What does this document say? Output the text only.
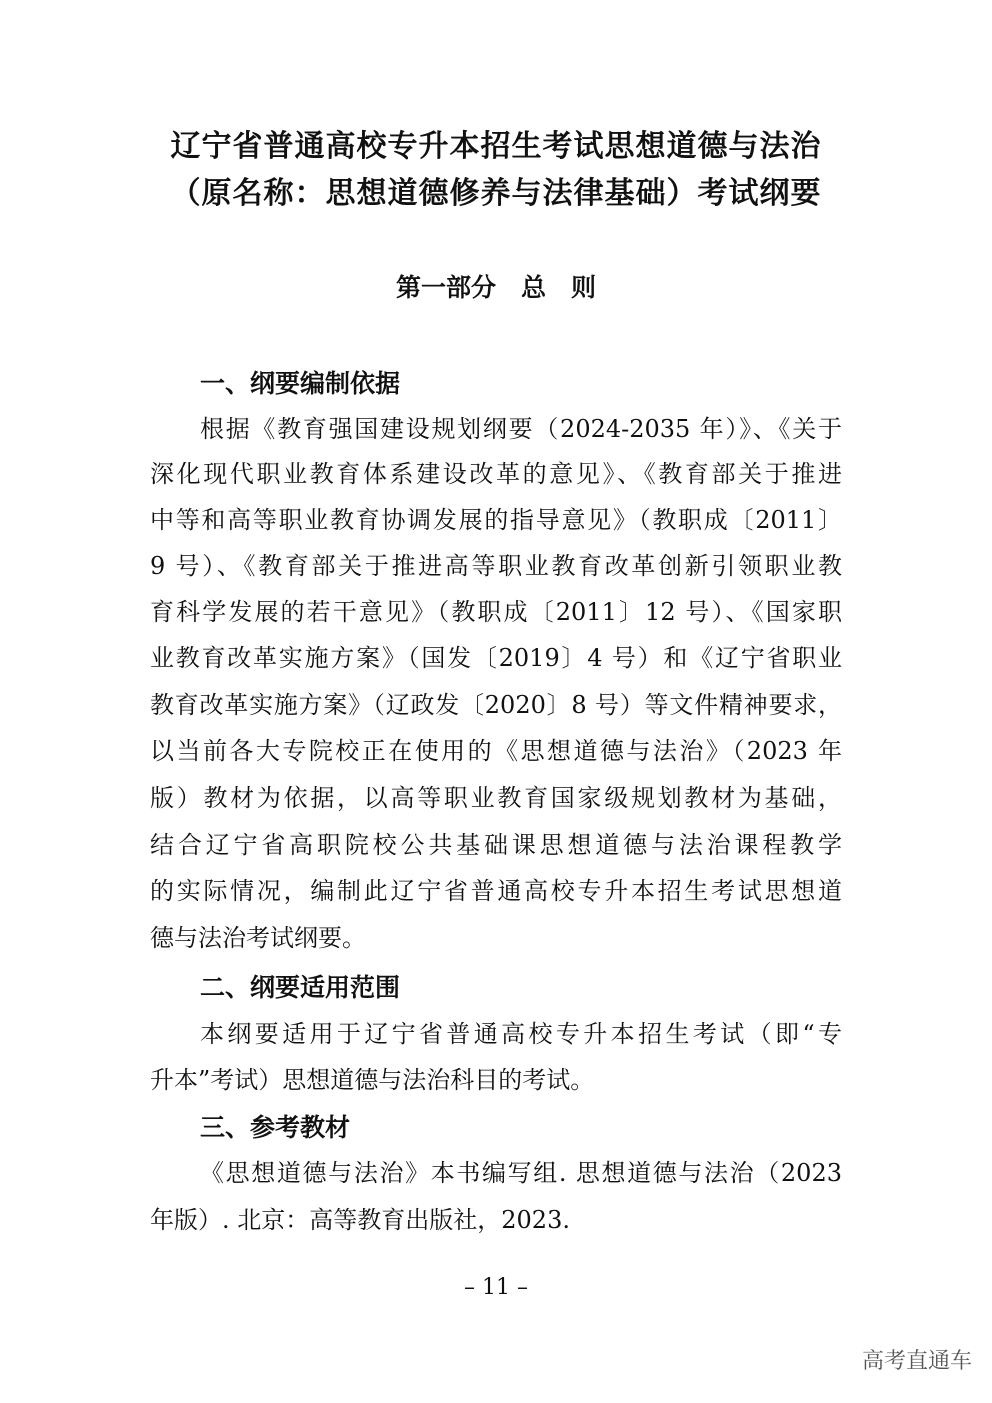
辽宁省普通高校专升本招生考试思想道德与法治
（原名称：思想道德修养与法律基础）考试纲要
第一部分　总　则
一、纲要编制依据
根据《教育强国建设规划纲要（2024-2035 年）》、《关于
深化现代职业教育体系建设改革的意见》、《教育部关于推进
中等和高等职业教育协调发展的指导意见》（教职成〔2011〕
9 号）、《教育部关于推进高等职业教育改革创新引领职业教
育科学发展的若干意见》（教职成〔2011〕12 号）、《国家职
业教育改革实施方案》（国发〔2019〕4 号）和《辽宁省职业
教育改革实施方案》（辽政发〔2020〕8 号）等文件精神要求，
以当前各大专院校正在使用的《思想道德与法治》（2023 年
版）教材为依据，以高等职业教育国家级规划教材为基础，
结合辽宁省高职院校公共基础课思想道德与法治课程教学
的实际情况，编制此辽宁省普通高校专升本招生考试思想道
德与法治考试纲要。
二、纲要适用范围
本纲要适用于辽宁省普通高校专升本招生考试（即“专
升本”考试）思想道德与法治科目的考试。
三、参考教材
《思想道德与法治》本书编写组. 思想道德与法治（2023
年版）. 北京：高等教育出版社，2023.
– 11 –
高考直通车
